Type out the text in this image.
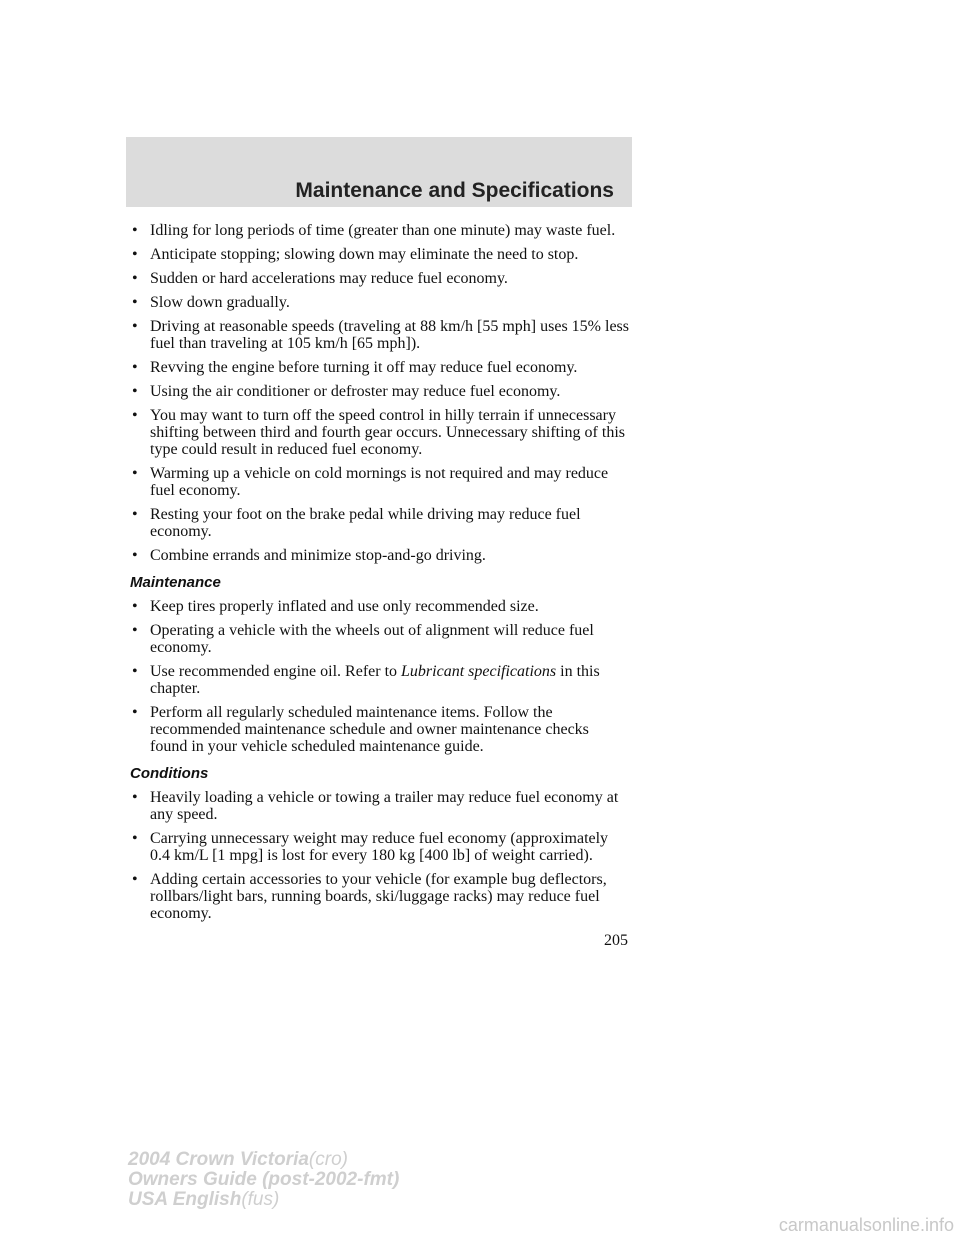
Maintenance and Specifications
• Idling for long periods of time (greater than one minute) may waste fuel.
• Anticipate stopping; slowing down may eliminate the need to stop.
• Sudden or hard accelerations may reduce fuel economy.
• Slow down gradually.
• Driving at reasonable speeds (traveling at 88 km/h [55 mph] uses 15% less fuel than traveling at 105 km/h [65 mph]).
• Revving the engine before turning it off may reduce fuel economy.
• Using the air conditioner or defroster may reduce fuel economy.
• You may want to turn off the speed control in hilly terrain if unnecessary shifting between third and fourth gear occurs. Unnecessary shifting of this type could result in reduced fuel economy.
• Warming up a vehicle on cold mornings is not required and may reduce fuel economy.
• Resting your foot on the brake pedal while driving may reduce fuel economy.
• Combine errands and minimize stop-and-go driving.
Maintenance
• Keep tires properly inflated and use only recommended size.
• Operating a vehicle with the wheels out of alignment will reduce fuel economy.
• Use recommended engine oil. Refer to Lubricant specifications in this chapter.
• Perform all regularly scheduled maintenance items. Follow the recommended maintenance schedule and owner maintenance checks found in your vehicle scheduled maintenance guide.
Conditions
• Heavily loading a vehicle or towing a trailer may reduce fuel economy at any speed.
• Carrying unnecessary weight may reduce fuel economy (approximately 0.4 km/L [1 mpg] is lost for every 180 kg [400 lb] of weight carried).
• Adding certain accessories to your vehicle (for example bug deflectors, rollbars/light bars, running boards, ski/luggage racks) may reduce fuel economy.
205
2004 Crown Victoria(cro)
Owners Guide (post-2002-fmt)
USA English(fus)
carmanualsonline.info
